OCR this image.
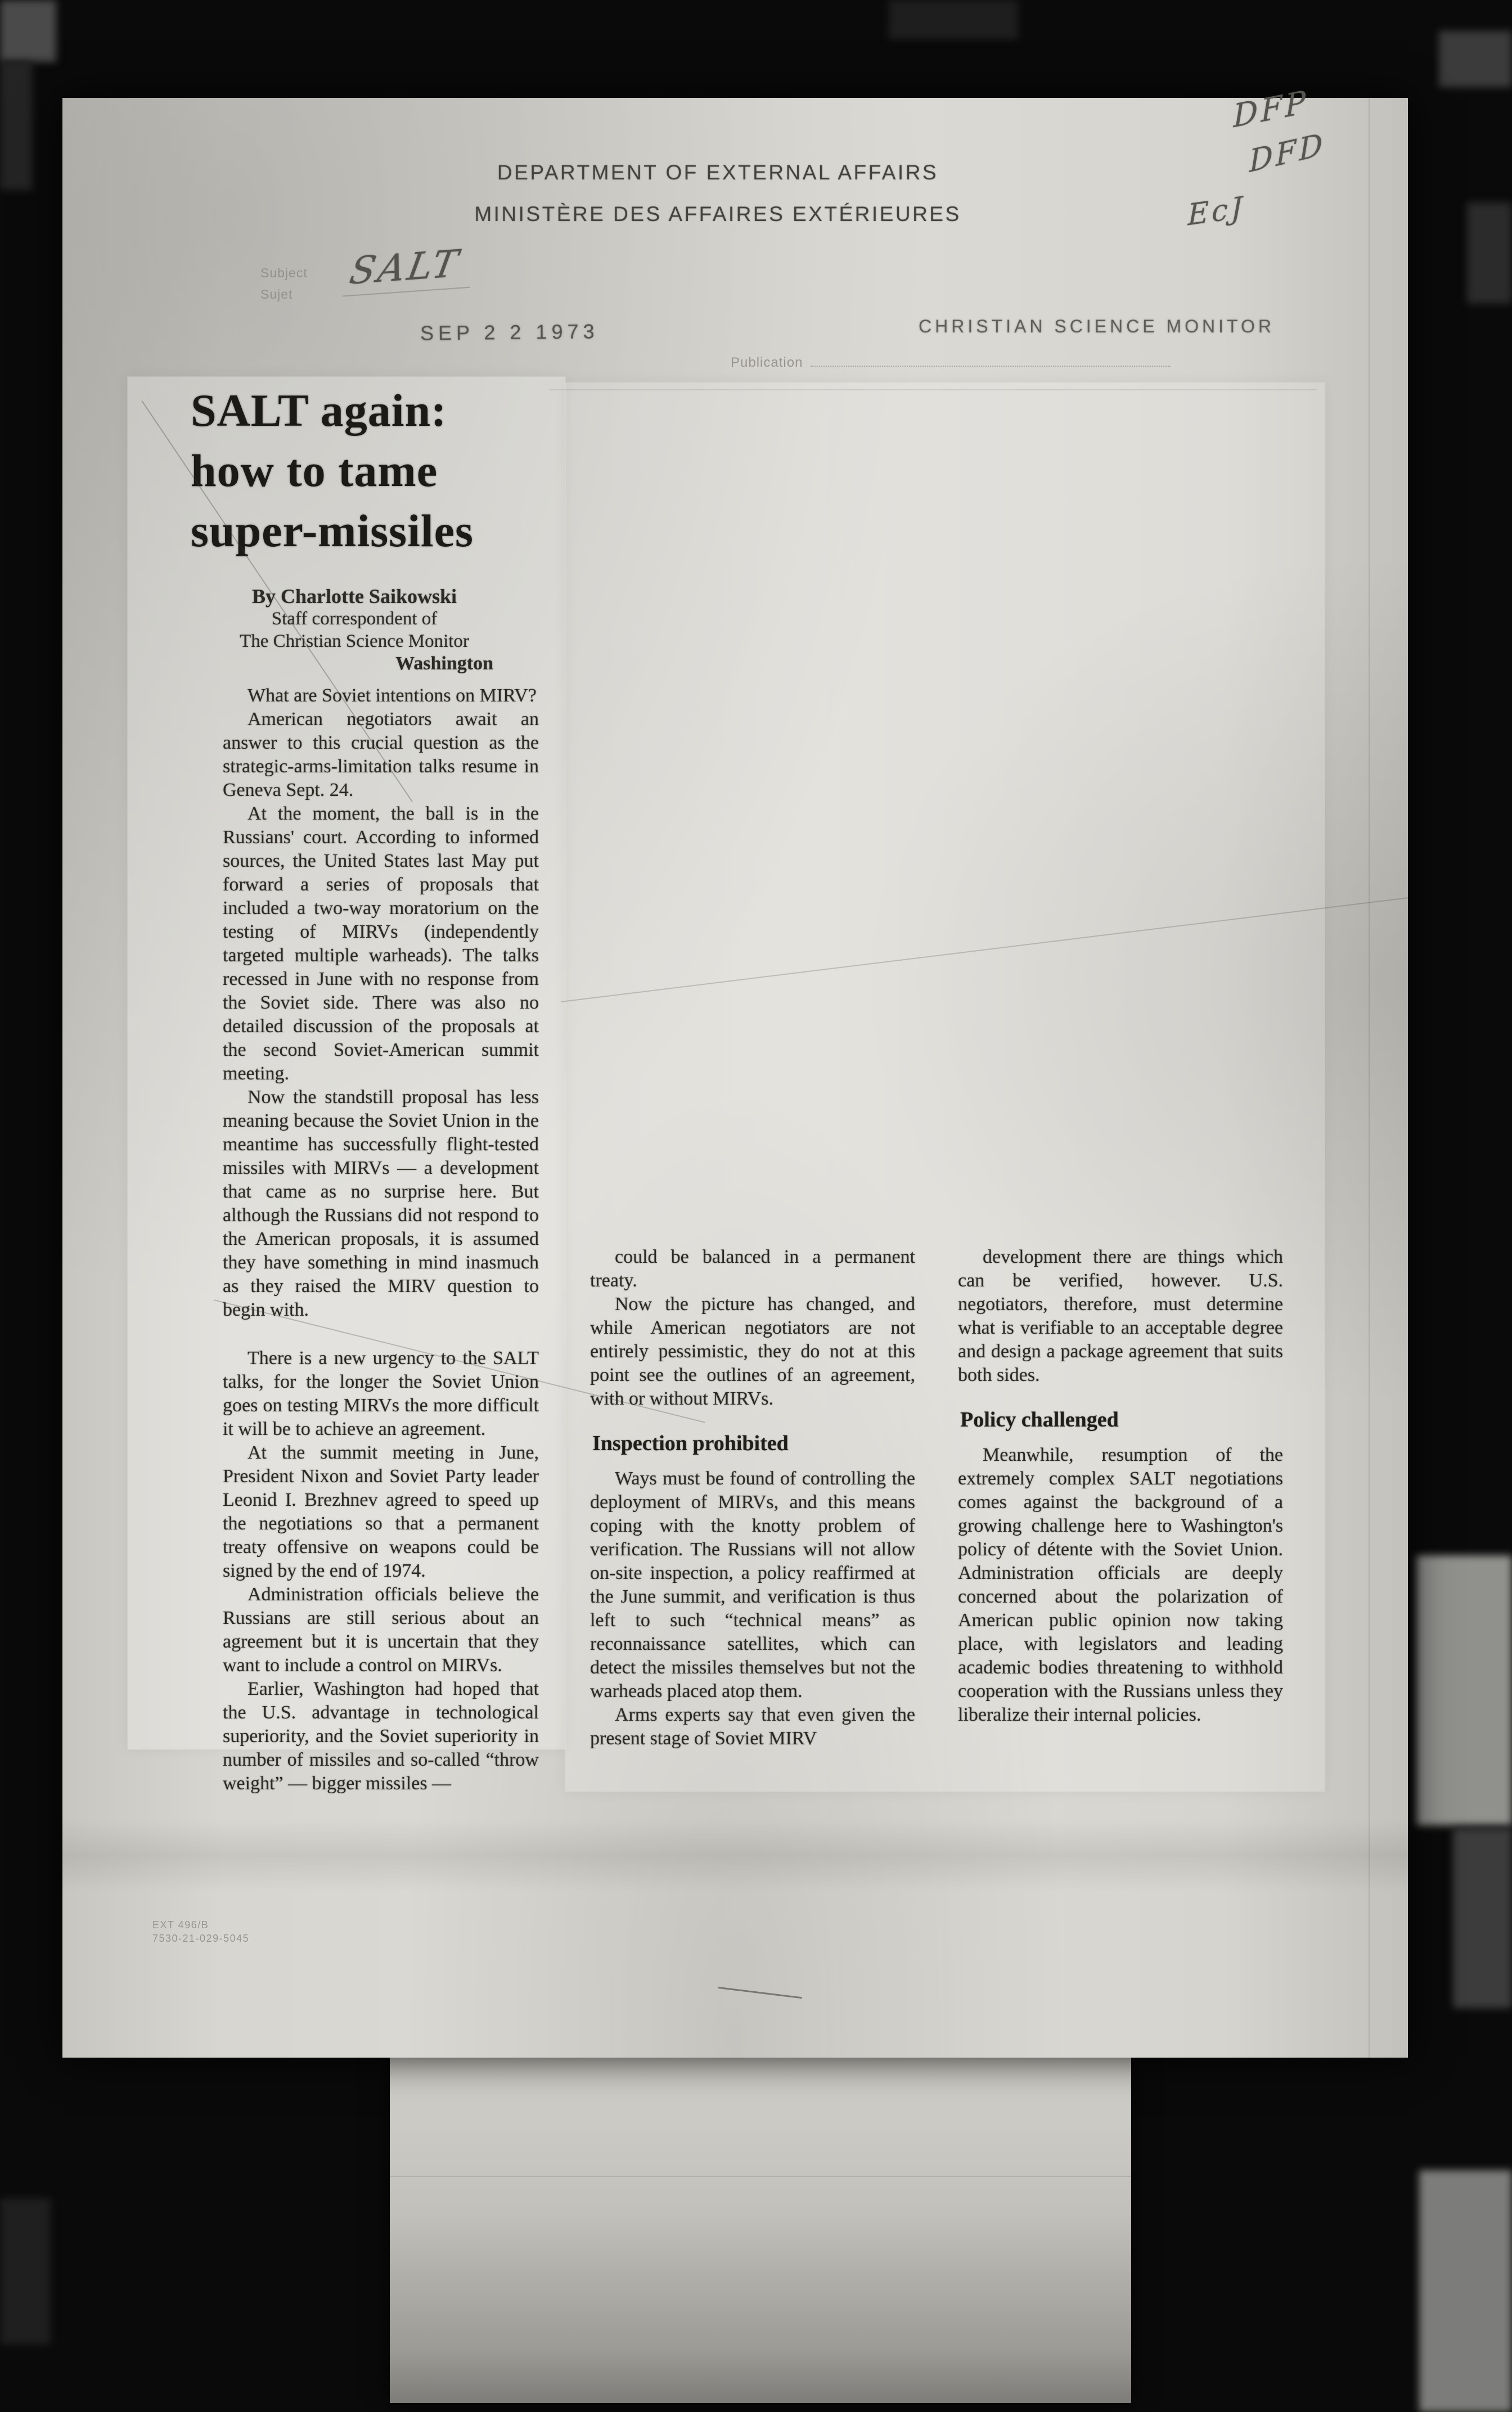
DEPARTMENT OF EXTERNAL AFFAIRS
MINISTÈRE DES AFFAIRES EXTÉRIEURES
DFP
DFD
EcJ
Subject
Sujet
SALT
SEP 2 2 1973	CHRISTIAN SCIENCE MONITOR
Publication
SALT again:
how to tame
super-missiles
By Charlotte Saikowski
Staff correspondent of
The Christian Science Monitor
Washington

What are Soviet intentions on MIRV?

American negotiators await an answer to this crucial question as the strategic-arms-limitation talks resume in Geneva Sept. 24.

At the moment, the ball is in the Russians' court. According to informed sources, the United States last May put forward a series of proposals that included a two-way moratorium on the testing of MIRVs (independently targeted multiple warheads). The talks recessed in June with no response from the Soviet side. There was also no detailed discussion of the proposals at the second Soviet-American summit meeting.

Now the standstill proposal has less meaning because the Soviet Union in the meantime has successfully flight-tested missiles with MIRVs — a development that came as no surprise here. But although the Russians did not respond to the American proposals, it is assumed they have something in mind inasmuch as they raised the MIRV question to begin with.

There is a new urgency to the SALT talks, for the longer the Soviet Union goes on testing MIRVs the more difficult it will be to achieve an agreement.

At the summit meeting in June, President Nixon and Soviet Party leader Leonid I. Brezhnev agreed to speed up the negotiations so that a permanent treaty offensive on weapons could be signed by the end of 1974.

Administration officials believe the Russians are still serious about an agreement but it is uncertain that they want to include a control on MIRVs.

Earlier, Washington had hoped that the U.S. advantage in technological superiority, and the Soviet superiority in number of missiles and so-called “throw weight” — bigger missiles —

could be balanced in a permanent treaty.

Now the picture has changed, and while American negotiators are not entirely pessimistic, they do not at this point see the outlines of an agreement, with or without MIRVs.

Inspection prohibited

Ways must be found of controlling the deployment of MIRVs, and this means coping with the knotty problem of verification. The Russians will not allow on-site inspection, a policy reaffirmed at the June summit, and verification is thus left to such “technical means” as reconnaissance satellites, which can detect the missiles themselves but not the warheads placed atop them.

Arms experts say that even given the present stage of Soviet MIRV

development there are things which can be verified, however. U.S. negotiators, therefore, must determine what is verifiable to an acceptable degree and design a package agreement that suits both sides.

Policy challenged

Meanwhile, resumption of the extremely complex SALT negotiations comes against the background of a growing challenge here to Washington's policy of détente with the Soviet Union. Administration officials are deeply concerned about the polarization of American public opinion now taking place, with legislators and leading academic bodies threatening to withhold cooperation with the Russians unless they liberalize their internal policies.

EXT 496/B
7530-21-029-5045
